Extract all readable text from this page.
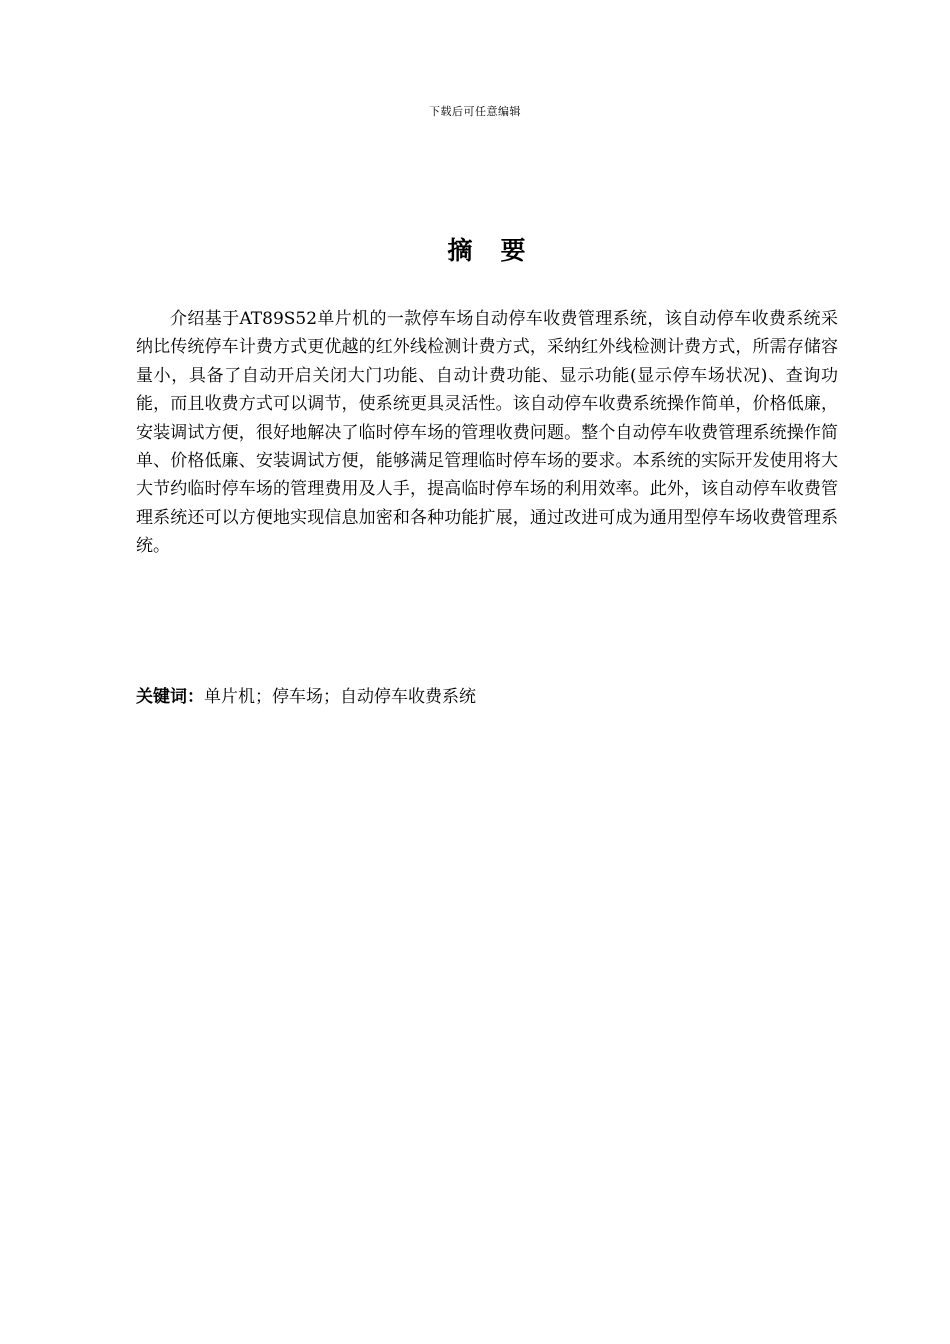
下载后可任意编辑
摘 要

介绍基于AT89S52单片机的一款停车场自动停车收费管理系统，该自动停车收费系统采纳比传统停车计费方式更优越的红外线检测计费方式，采纳红外线检测计费方式，所需存储容量小，具备了自动开启关闭大门功能、自动计费功能、显示功能(显示停车场状况)、查询功能，而且收费方式可以调节，使系统更具灵活性。该自动停车收费系统操作简单，价格低廉，安装调试方便，很好地解决了临时停车场的管理收费问题。整个自动停车收费管理系统操作简单、价格低廉、安装调试方便，能够满足管理临时停车场的要求。本系统的实际开发使用将大大节约临时停车场的管理费用及人手，提高临时停车场的利用效率。此外，该自动停车收费管理系统还可以方便地实现信息加密和各种功能扩展，通过改进可成为通用型停车场收费管理系统。

关键词：单片机；停车场；自动停车收费系统
